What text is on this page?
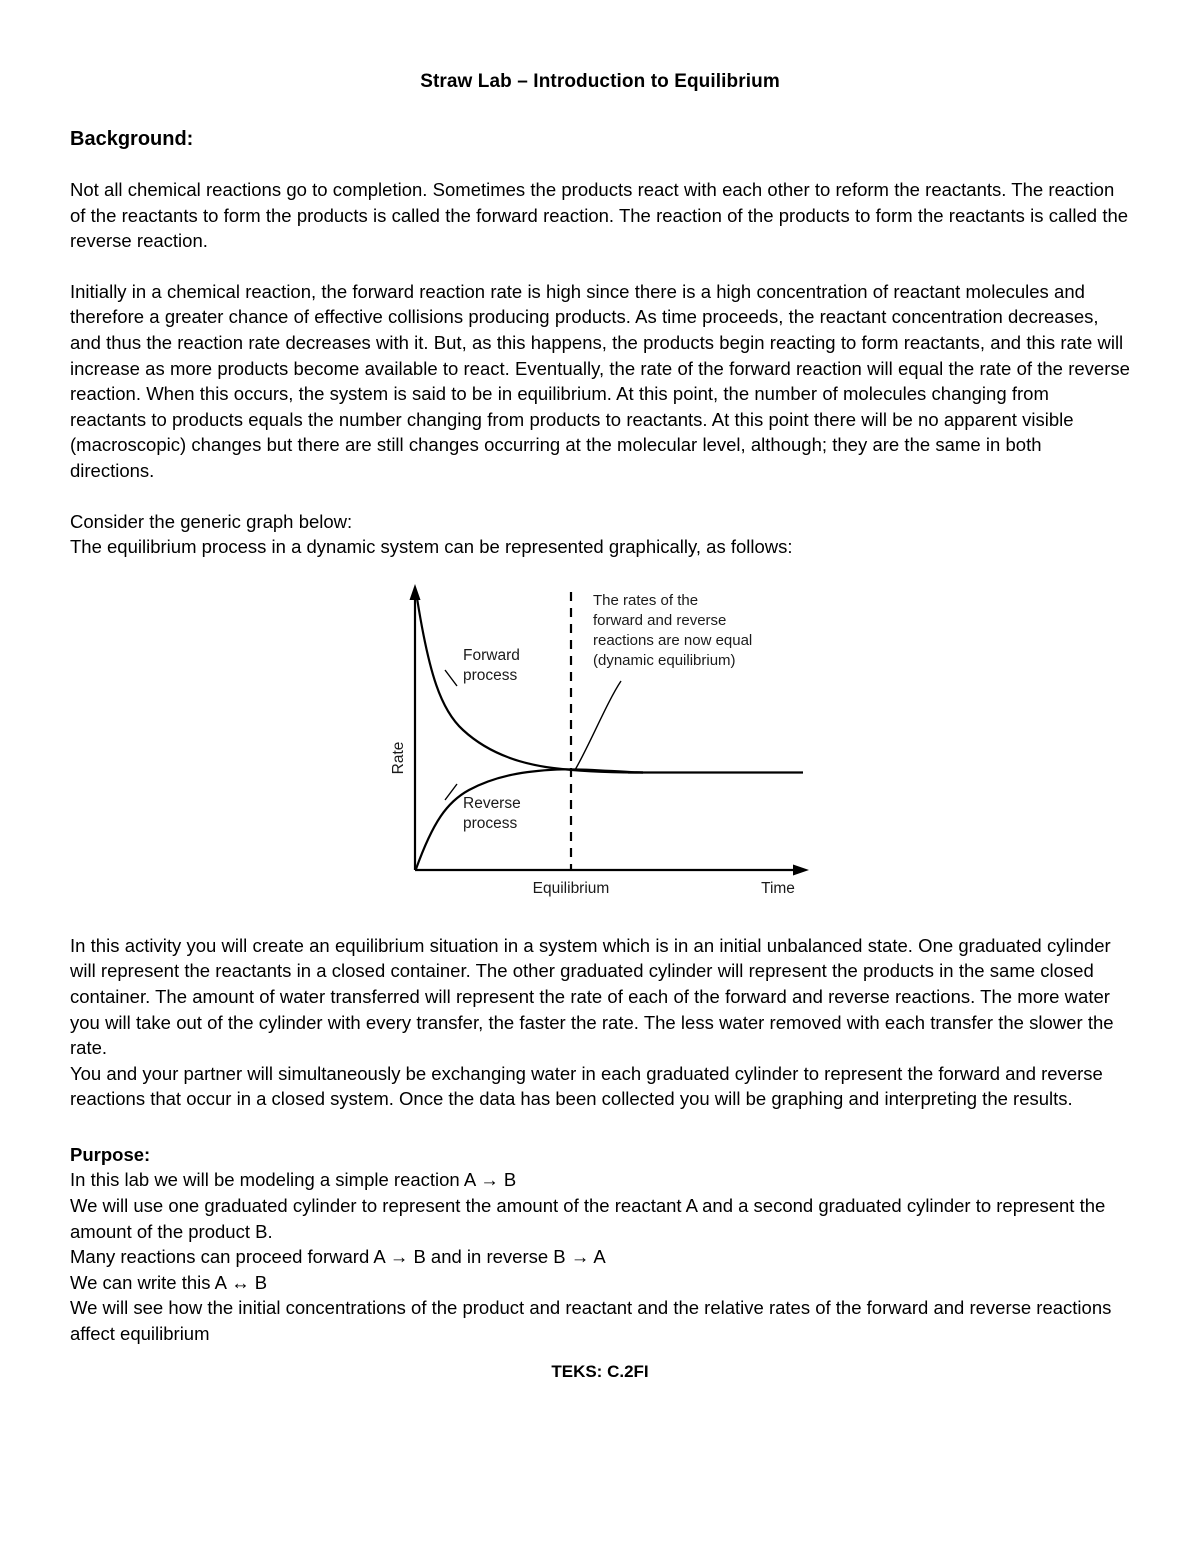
Straw Lab – Introduction to Equilibrium
Background:

Not all chemical reactions go to completion. Sometimes the products react with each other to reform the reactants. The reaction of the reactants to form the products is called the forward reaction. The reaction of the products to form the reactants is called the reverse reaction.

Initially in a chemical reaction, the forward reaction rate is high since there is a high concentration of reactant molecules and therefore a greater chance of effective collisions producing products. As time proceeds, the reactant concentration decreases, and thus the reaction rate decreases with it. But, as this happens, the products begin reacting to form reactants, and this rate will increase as more products become available to react. Eventually, the rate of the forward reaction will equal the rate of the reverse reaction. When this occurs, the system is said to be in equilibrium. At this point, the number of molecules changing from reactants to products equals the number changing from products to reactants. At this point there will be no apparent visible (macroscopic) changes but there are still changes occurring at the molecular level, although; they are the same in both directions.

Consider the generic graph below:

The equilibrium process in a dynamic system can be represented graphically, as follows:

Rate
Time
Equilibrium
Forward
process
Reverse
process
The rates of the
forward and reverse
reactions are now equal
(dynamic equilibrium)

In this activity you will create an equilibrium situation in a system which is in an initial unbalanced state. One graduated cylinder will represent the reactants in a closed container. The other graduated cylinder will represent the products in the same closed container. The amount of water transferred will represent the rate of each of the forward and reverse reactions. The more water you will take out of the cylinder with every transfer, the faster the rate. The less water removed with each transfer the slower the rate.

You and your partner will simultaneously be exchanging water in each graduated cylinder to represent the forward and reverse reactions that occur in a closed system. Once the data has been collected you will be graphing and interpreting the results.

Purpose:

In this lab we will be modeling a simple reaction A → B

We will use one graduated cylinder to represent the amount of the reactant A and a second graduated cylinder to represent the amount of the product B.

Many reactions can proceed forward A → B and in reverse B → A

We can write this A ↔ B

We will see how the initial concentrations of the product and reactant and the relative rates of the forward and reverse reactions affect equilibrium

TEKS: C.2FI
